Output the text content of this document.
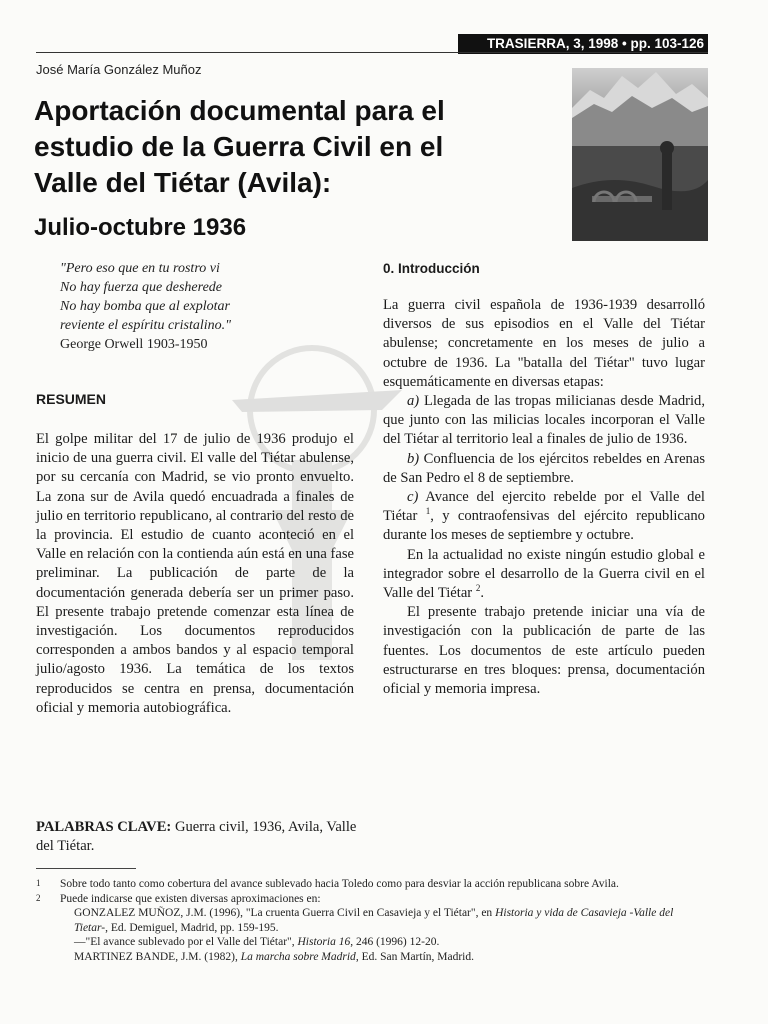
TRASIERRA, 3, 1998 • pp. 103-126
José María González Muñoz
Aportación documental para el
estudio de la Guerra Civil en el
Valle del Tiétar (Avila):
Julio-octubre 1936
"Pero eso que en tu rostro vi
No hay fuerza que desherede
No hay bomba que al explotar
reviente el espíritu cristalino."
George Orwell 1903-1950
RESUMEN

El golpe militar del 17 de julio de 1936 produjo el inicio de una guerra civil. El valle del Tiétar abulense, por su cercanía con Madrid, se vio pronto envuelto. La zona sur de Avila quedó encuadrada a finales de julio en territorio republicano, al contrario del resto de la provincia. El estudio de cuanto aconteció en el Valle en relación con la contienda aún está en una fase preliminar. La publicación de parte de la documentación generada debería ser un primer paso. El presente trabajo pretende comenzar esta línea de investigación. Los documentos reproducidos corresponden a ambos bandos y al espacio temporal julio/agosto 1936. La temática de los textos reproducidos se centra en prensa, documentación oficial y memoria autobiográfica.

PALABRAS CLAVE: Guerra civil, 1936, Avila, Valle del Tiétar.

0. Introducción

La guerra civil española de 1936-1939 desarrolló diversos de sus episodios en el Valle del Tiétar abulense; concretamente en los meses de julio a octubre de 1936. La "batalla del Tiétar" tuvo lugar esquemáticamente en diversas etapas:

a) Llegada de las tropas milicianas desde Madrid, que junto con las milicias locales incorporan el Valle del Tiétar al territorio leal a finales de julio de 1936.

b) Confluencia de los ejércitos rebeldes en Arenas de San Pedro el 8 de septiembre.

c) Avance del ejercito rebelde por el Valle del Tiétar $^1$, y contraofensivas del ejército republicano durante los meses de septiembre y octubre.

En la actualidad no existe ningún estudio global e integrador sobre el desarrollo de la Guerra civil en el Valle del Tiétar $^2$.

El presente trabajo pretende iniciar una vía de investigación con la publicación de parte de las fuentes. Los documentos de este artículo pueden estructurarse en tres bloques: prensa, documentación oficial y memoria impresa.

1 Sobre todo tanto como cobertura del avance sublevado hacia Toledo como para desviar la acción republicana sobre Avila.

2 Puede indicarse que existen diversas aproximaciones en:
GONZALEZ MUÑOZ, J.M. (1996), "La cruenta Guerra Civil en Casavieja y el Tiétar", en Historia y vida de Casavieja -Valle del Tietar-, Ed. Demiguel, Madrid, pp. 159-195.
—"El avance sublevado por el Valle del Tiétar", Historia 16, 246 (1996) 12-20.
MARTINEZ BANDE, J.M. (1982), La marcha sobre Madrid, Ed. San Martín, Madrid.
